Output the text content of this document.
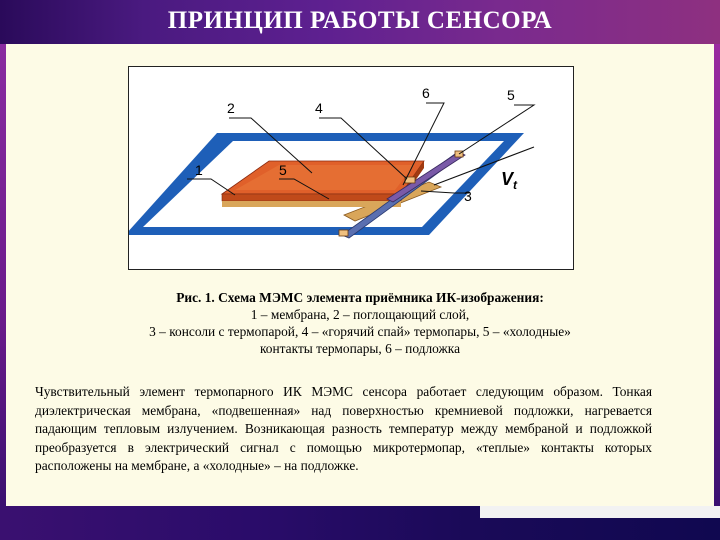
ПРИНЦИП РАБОТЫ СЕНСОРА
2	4
6	5
1	5
3
$V_t$
Рис. 1. Схема МЭМС элемента приёмника ИК-изображения:
1 – мембрана, 2 – поглощающий слой,
3 – консоли с термопарой, 4 – «горячий спай» термопары, 5 – «холодные»
контакты термопары, 6 – подложка
Чувствительный элемент термопарного ИК МЭМС сенсора работает следующим образом. Тонкая диэлектрическая мембрана, «подвешенная» над поверхностью кремниевой подложки, нагревается падающим тепловым излучением. Возникающая разность температур между мембраной и подложкой преобразуется в электрический сигнал с помощью микротермопар, «теплые» контакты которых расположены на мембране, а «холодные» – на подложке.
